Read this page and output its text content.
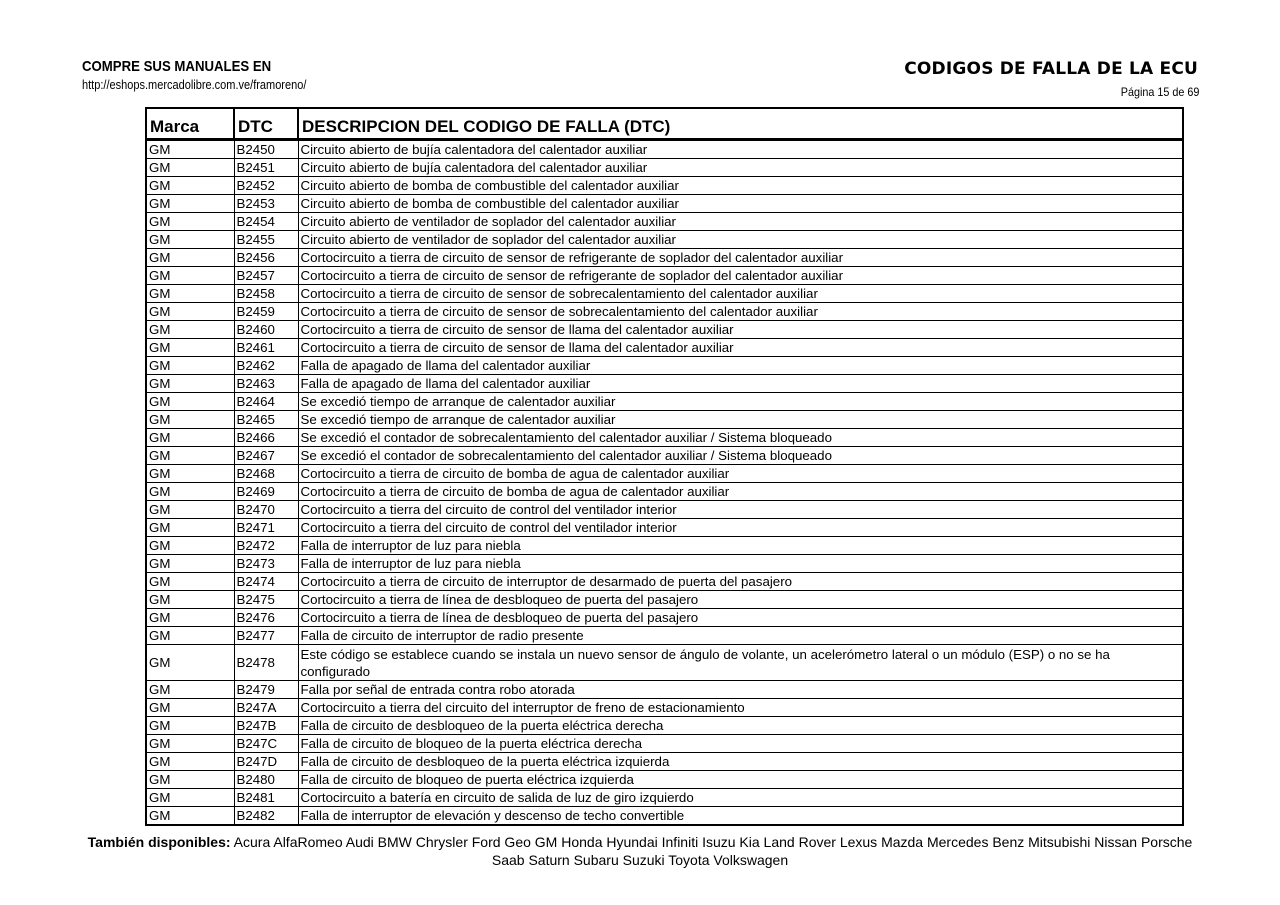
COMPRE SUS MANUALES EN
http://eshops.mercadolibre.com.ve/framoreno/
CODIGOS DE FALLA DE LA ECU
Página 15 de 69
Marca	DTC	DESCRIPCION DEL CODIGO DE FALLA (DTC)
GM	B2450	Circuito abierto de bujía calentadora del calentador auxiliar
GM	B2451	Circuito abierto de bujía calentadora del calentador auxiliar
GM	B2452	Circuito abierto de bomba de combustible del calentador auxiliar
GM	B2453	Circuito abierto de bomba de combustible del calentador auxiliar
GM	B2454	Circuito abierto de ventilador de soplador del calentador auxiliar
GM	B2455	Circuito abierto de ventilador de soplador del calentador auxiliar
GM	B2456	Cortocircuito a tierra de circuito de sensor de refrigerante de soplador del calentador auxiliar
GM	B2457	Cortocircuito a tierra de circuito de sensor de refrigerante de soplador del calentador auxiliar
GM	B2458	Cortocircuito a tierra de circuito de sensor de sobrecalentamiento del calentador auxiliar
GM	B2459	Cortocircuito a tierra de circuito de sensor de sobrecalentamiento del calentador auxiliar
GM	B2460	Cortocircuito a tierra de circuito de sensor de llama del calentador auxiliar
GM	B2461	Cortocircuito a tierra de circuito de sensor de llama del calentador auxiliar
GM	B2462	Falla de apagado de llama del calentador auxiliar
GM	B2463	Falla de apagado de llama del calentador auxiliar
GM	B2464	Se excedió tiempo de arranque de calentador auxiliar
GM	B2465	Se excedió tiempo de arranque de calentador auxiliar
GM	B2466	Se excedió el contador de sobrecalentamiento del calentador auxiliar / Sistema bloqueado
GM	B2467	Se excedió el contador de sobrecalentamiento del calentador auxiliar / Sistema bloqueado
GM	B2468	Cortocircuito a tierra de circuito de bomba de agua de calentador auxiliar
GM	B2469	Cortocircuito a tierra de circuito de bomba de agua de calentador auxiliar
GM	B2470	Cortocircuito a tierra del circuito de control del ventilador interior
GM	B2471	Cortocircuito a tierra del circuito de control del ventilador interior
GM	B2472	Falla de interruptor de luz para niebla
GM	B2473	Falla de interruptor de luz para niebla
GM	B2474	Cortocircuito a tierra de circuito de interruptor de desarmado de puerta del pasajero
GM	B2475	Cortocircuito a tierra de línea de desbloqueo de puerta del pasajero
GM	B2476	Cortocircuito a tierra de línea de desbloqueo de puerta del pasajero
GM	B2477	Falla de circuito de interruptor de radio presente
GM	B2478	Este código se establece cuando se instala un nuevo sensor de ángulo de volante, un acelerómetro lateral o un módulo (ESP) o no se ha configurado
GM	B2479	Falla por señal de entrada contra robo atorada
GM	B247A	Cortocircuito a tierra del circuito del interruptor de freno de estacionamiento
GM	B247B	Falla de circuito de desbloqueo de la puerta eléctrica derecha
GM	B247C	Falla de circuito de bloqueo de la puerta eléctrica derecha
GM	B247D	Falla de circuito de desbloqueo de la puerta eléctrica izquierda
GM	B2480	Falla de circuito de bloqueo de puerta eléctrica izquierda
GM	B2481	Cortocircuito a batería en circuito de salida de luz de giro izquierdo
GM	B2482	Falla de interruptor de elevación y descenso de techo convertible
También disponibles: Acura AlfaRomeo Audi BMW Chrysler Ford Geo GM Honda Hyundai Infiniti Isuzu Kia Land Rover Lexus Mazda Mercedes Benz Mitsubishi Nissan Porsche Saab Saturn Subaru Suzuki Toyota Volkswagen
